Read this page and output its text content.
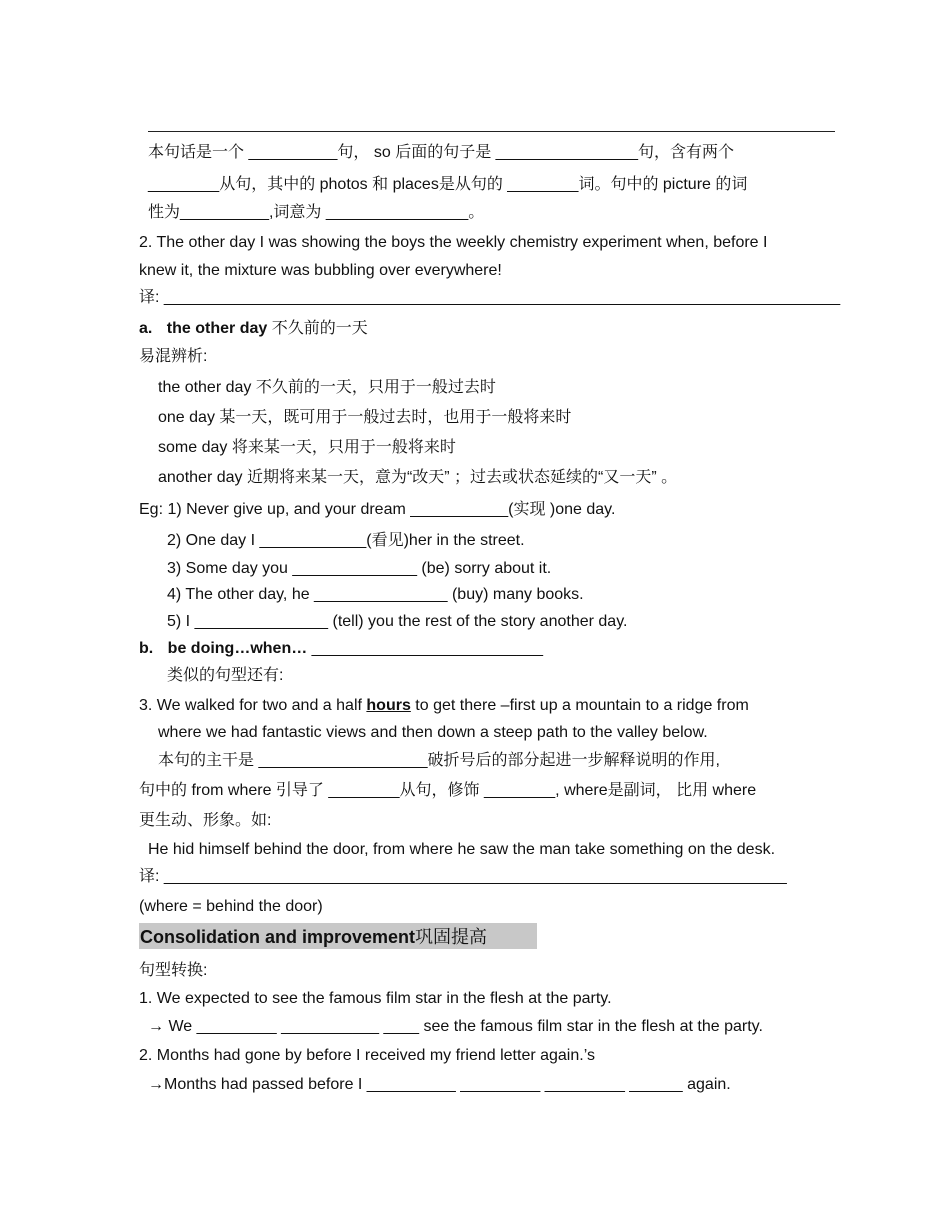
本句话是一个 __________句， so 后面的句子是 ________________句，含有两个
________从句，其中的 photos 和 places是从句的 ________词。句中的 picture 的词
性为__________,词意为 ________________。
2. The other day I was showing the boys the weekly chemistry experiment when, before I
knew it, the mixture was bubbling over everywhere!
译: ____________________________________________________________________________
a. the other day 不久前的一天
易混辨析:
the other day 不久前的一天，只用于一般过去时
one day 某一天，既可用于一般过去时，也用于一般将来时
some day 将来某一天，只用于一般将来时
another day 近期将来某一天，意为“改天” ；过去或状态延续的“又一天” 。
Eg: 1) Never give up, and your dream ___________(实现 )one day.
2) One day I ____________(看见)her in the street.
3) Some day you ______________ (be) sorry about it.
4) The other day, he _______________ (buy) many books.
5) I _______________ (tell) you the rest of the story another day.
b. be doing…when… __________________________
类似的句型还有:
3. We walked for two and a half hours to get there –first up a mountain to a ridge from
where we had fantastic views and then down a steep path to the valley below.
本句的主干是 ___________________破折号后的部分起进一步解释说明的作用,
句中的 from where 引导了 ________从句，修饰 ________, where是副词， 比用 where
更生动、形象。如:
He hid himself behind the door, from where he saw the man take something on the desk.
译: ______________________________________________________________________
(where = behind the door)
Consolidation and improvement巩固提高
句型转换:
1. We expected to see the famous film star in the flesh at the party.
→ We _________ ___________ ____ see the famous film star in the flesh at the party.
2. Months had gone by before I received my friend letter again.’s
→Months had passed before I __________ _________ _________ ______ again.
